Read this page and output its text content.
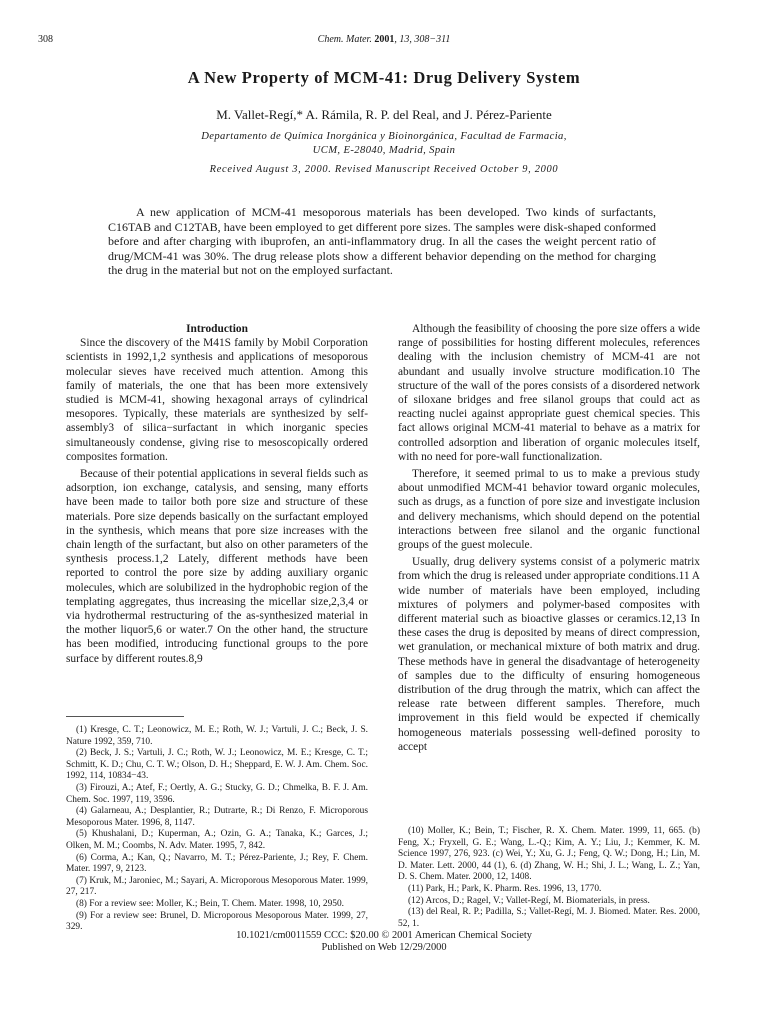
308	Chem. Mater. 2001, 13, 308−311
A New Property of MCM-41: Drug Delivery System
M. Vallet-Regí,* A. Rámila, R. P. del Real, and J. Pérez-Pariente
Departamento de Química Inorgánica y Bioinorgánica, Facultad de Farmacia,
UCM, E-28040, Madrid, Spain
Received August 3, 2000. Revised Manuscript Received October 9, 2000

A new application of MCM-41 mesoporous materials has been developed. Two kinds of surfactants, C16TAB and C12TAB, have been employed to get different pore sizes. The samples were disk-shaped conformed before and after charging with ibuprofen, an anti-inflammatory drug. In all the cases the weight percent ratio of drug/MCM-41 was 30%. The drug release plots show a different behavior depending on the method for charging the drug in the material but not on the employed surfactant.

Introduction

Since the discovery of the M41S family by Mobil Corporation scientists in 1992,1,2 synthesis and applications of mesoporous molecular sieves have received much attention. Among this family of materials, the one that has been more extensively studied is MCM-41, showing hexagonal arrays of cylindrical mesopores. Typically, these materials are synthesized by self-assembly3 of silica−surfactant in which inorganic species simultaneously condense, giving rise to mesoscopically ordered composites formation.

Because of their potential applications in several fields such as adsorption, ion exchange, catalysis, and sensing, many efforts have been made to tailor both pore size and structure of these materials. Pore size depends basically on the surfactant employed in the synthesis, which means that pore size increases with the chain length of the surfactant, but also on other parameters of the synthesis process.1,2 Lately, different methods have been reported to control the pore size by adding auxiliary organic molecules, which are solubilized in the hydrophobic region of the templating aggregates, thus increasing the micellar size,2,3,4 or via hydrothermal restructuring of the as-synthesized material in the mother liquor5,6 or water.7 On the other hand, the structure has been modified, introducing functional groups to the pore surface by different routes.8,9

Although the feasibility of choosing the pore size offers a wide range of possibilities for hosting different molecules, references dealing with the inclusion chemistry of MCM-41 are not abundant and usually involve structure modification.10 The structure of the wall of the pores consists of a disordered network of siloxane bridges and free silanol groups that could act as reacting nuclei against appropriate guest chemical species. This fact allows original MCM-41 material to behave as a matrix for controlled adsorption and liberation of organic molecules itself, with no need for pore-wall functionalization.

Therefore, it seemed primal to us to make a previous study about unmodified MCM-41 behavior toward organic molecules, such as drugs, as a function of pore size and investigate inclusion and delivery mechanisms, which should depend on the potential interactions between free silanol and the organic functional groups of the guest molecule.

Usually, drug delivery systems consist of a polymeric matrix from which the drug is released under appropriate conditions.11 A wide number of materials have been employed, including mixtures of polymers and polymer-based composites with different material such as bioactive glasses or ceramics.12,13 In these cases the drug is deposited by means of direct compression, wet granulation, or mechanical mixture of both matrix and drug. These methods have in general the disadvantage of heterogeneity of samples due to the difficulty of ensuring homogeneous distribution of the drug through the matrix, which can affect the release rate between different samples. Therefore, much improvement in this field would be expected if chemically homogeneous materials possessing well-defined porosity to accept

(1) Kresge, C. T.; Leonowicz, M. E.; Roth, W. J.; Vartuli, J. C.; Beck, J. S. Nature 1992, 359, 710.

(2) Beck, J. S.; Vartuli, J. C.; Roth, W. J.; Leonowicz, M. E.; Kresge, C. T.; Schmitt, K. D.; Chu, C. T. W.; Olson, D. H.; Sheppard, E. W. J. Am. Chem. Soc. 1992, 114, 10834−43.

(3) Firouzi, A.; Atef, F.; Oertly, A. G.; Stucky, G. D.; Chmelka, B. F. J. Am. Chem. Soc. 1997, 119, 3596.

(4) Galarneau, A.; Desplantier, R.; Dutrarte, R.; Di Renzo, F. Microporous Mesoporous Mater. 1996, 8, 1147.

(5) Khushalani, D.; Kuperman, A.; Ozin, G. A.; Tanaka, K.; Garces, J.; Olken, M. M.; Coombs, N. Adv. Mater. 1995, 7, 842.

(6) Corma, A.; Kan, Q.; Navarro, M. T.; Pérez-Pariente, J.; Rey, F. Chem. Mater. 1997, 9, 2123.

(7) Kruk, M.; Jaroniec, M.; Sayari, A. Microporous Mesoporous Mater. 1999, 27, 217.

(8) For a review see: Moller, K.; Bein, T. Chem. Mater. 1998, 10, 2950.

(9) For a review see: Brunel, D. Microporous Mesoporous Mater. 1999, 27, 329.

(10) Moller, K.; Bein, T.; Fischer, R. X. Chem. Mater. 1999, 11, 665. (b) Feng, X.; Fryxell, G. E.; Wang, L.-Q.; Kim, A. Y.; Liu, J.; Kemmer, K. M. Science 1997, 276, 923. (c) Wei, Y.; Xu, G. J.; Feng, Q. W.; Dong, H.; Lin, M. D. Mater. Lett. 2000, 44 (1), 6. (d) Zhang, W. H.; Shi, J. L.; Wang, L. Z.; Yan, D. S. Chem. Mater. 2000, 12, 1408.

(11) Park, H.; Park, K. Pharm. Res. 1996, 13, 1770.

(12) Arcos, D.; Ragel, V.; Vallet-Regí, M. Biomaterials, in press.

(13) del Real, R. P.; Padilla, S.; Vallet-Regí, M. J. Biomed. Mater. Res. 2000, 52, 1.

10.1021/cm0011559 CCC: $20.00 © 2001 American Chemical Society
Published on Web 12/29/2000
